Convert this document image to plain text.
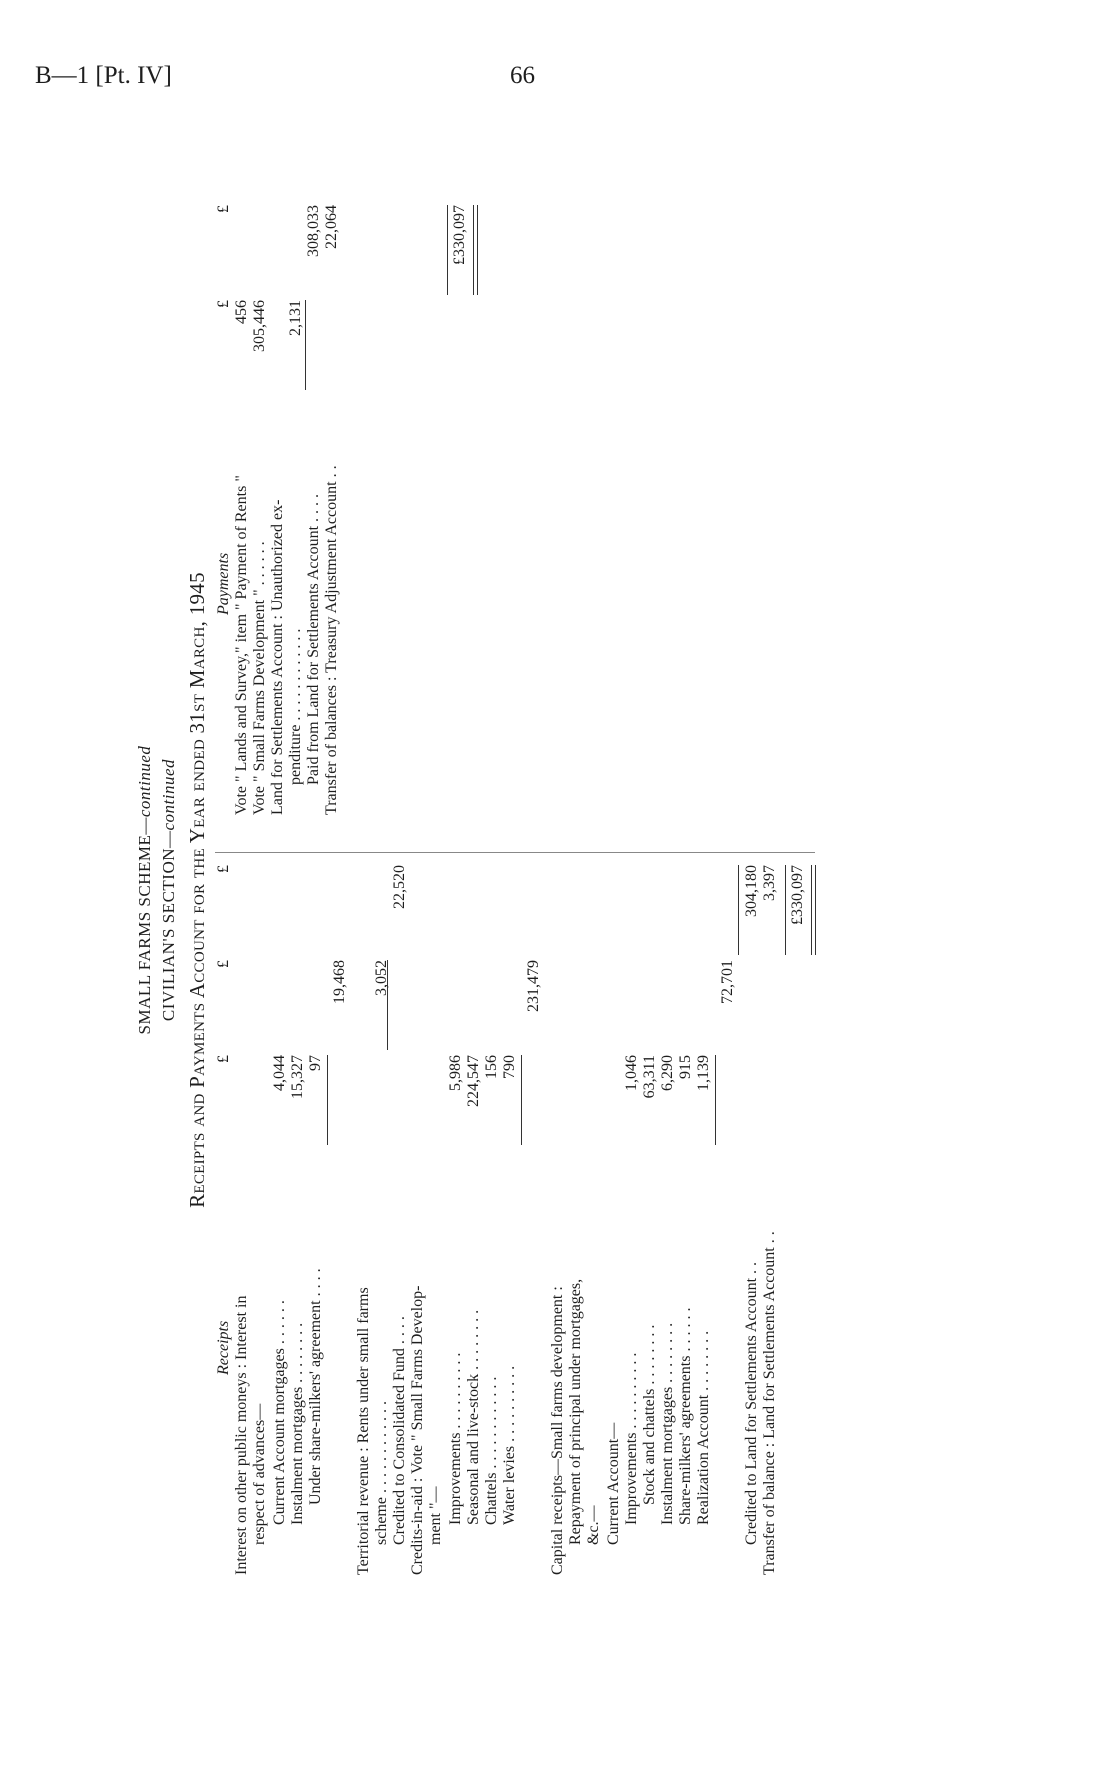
B—1 [Pt. IV]	66
SMALL FARMS SCHEME—continued
CIVILIAN'S SECTION—continued Receipts and Payments Account for the Year ended 31st March, 1945
Receipts
£
£
£
Interest on other public moneys : Interest in respect of advances— Current Account mortgages . . . . . .
4,044
Instalment mortgages . . . . . . . .
15,327
Under share-milkers' agreement . . . .
97
19,468
Territorial revenue : Rents under small farms scheme . . . . . . . . . . . .
3,052
Credited to Consolidated Fund . . . .
22,520
Credits-in-aid : Vote " Small Farms Develop- ment "— Improvements . . . . . . . . . .
5,986
Seasonal and live-stock . . . . . . . .
224,547
Chattels . . . . . . . . . . . .
156
Water levies . . . . . . . . . .
790
231,479
Capital receipts—Small farms development : Repayment of principal under mortgages, &c.— Current Account— Improvements . . . . . . . . . .
1,046
Stock and chattels . . . . . . . .
63,311
Instalment mortgages . . . . . . . .
6,290
Share-milkers' agreements . . . . . .
915
Realization Account . . . . . . . .
1,139
72,701
Credited to Land for Settlements Account . .
304,180
Transfer of balance : Land for Settlements Account . .
3,397 £330,097
Payments
£
£
Vote " Lands and Survey," item " Payment of Rents "
456
Vote " Small Farms Development " . . . . . .
305,446
Land for Settlements Account : Unauthorized ex- penditure . . . . . . . . . . . .
2,131
Paid from Land for Settlements Account . . . .
308,033
Transfer of balances : Treasury Adjustment Account . .
22,064	£330,097
